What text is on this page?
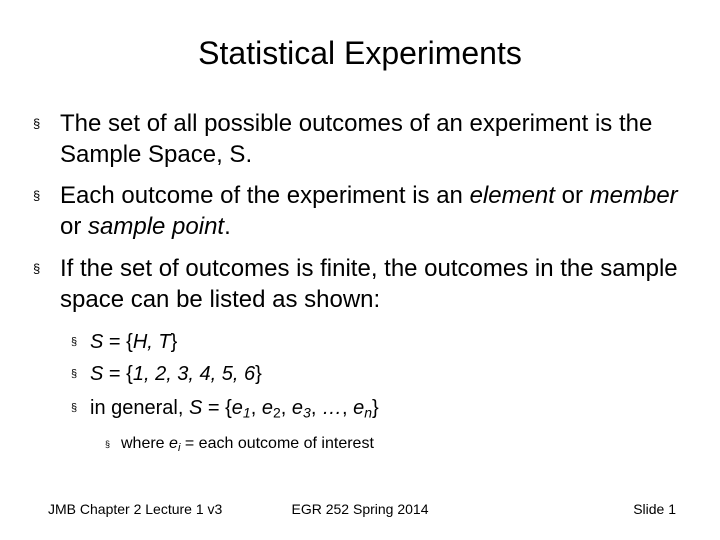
Statistical Experiments
§ The set of all possible outcomes of an experiment is the Sample Space, S.
§ Each outcome of the experiment is an element or member or sample point.
§ If the set of outcomes is finite, the outcomes in the sample space can be listed as shown:
§ S = {H, T}
§ S = {1, 2, 3, 4, 5, 6}
§ in general, $S = \{e_1$, $e_2$, $e_3$, …, $e_n$}
§ where $e_i$ = each outcome of interest
JMB Chapter 2 Lecture 1 v3	EGR 252 Spring 2014	Slide 1
